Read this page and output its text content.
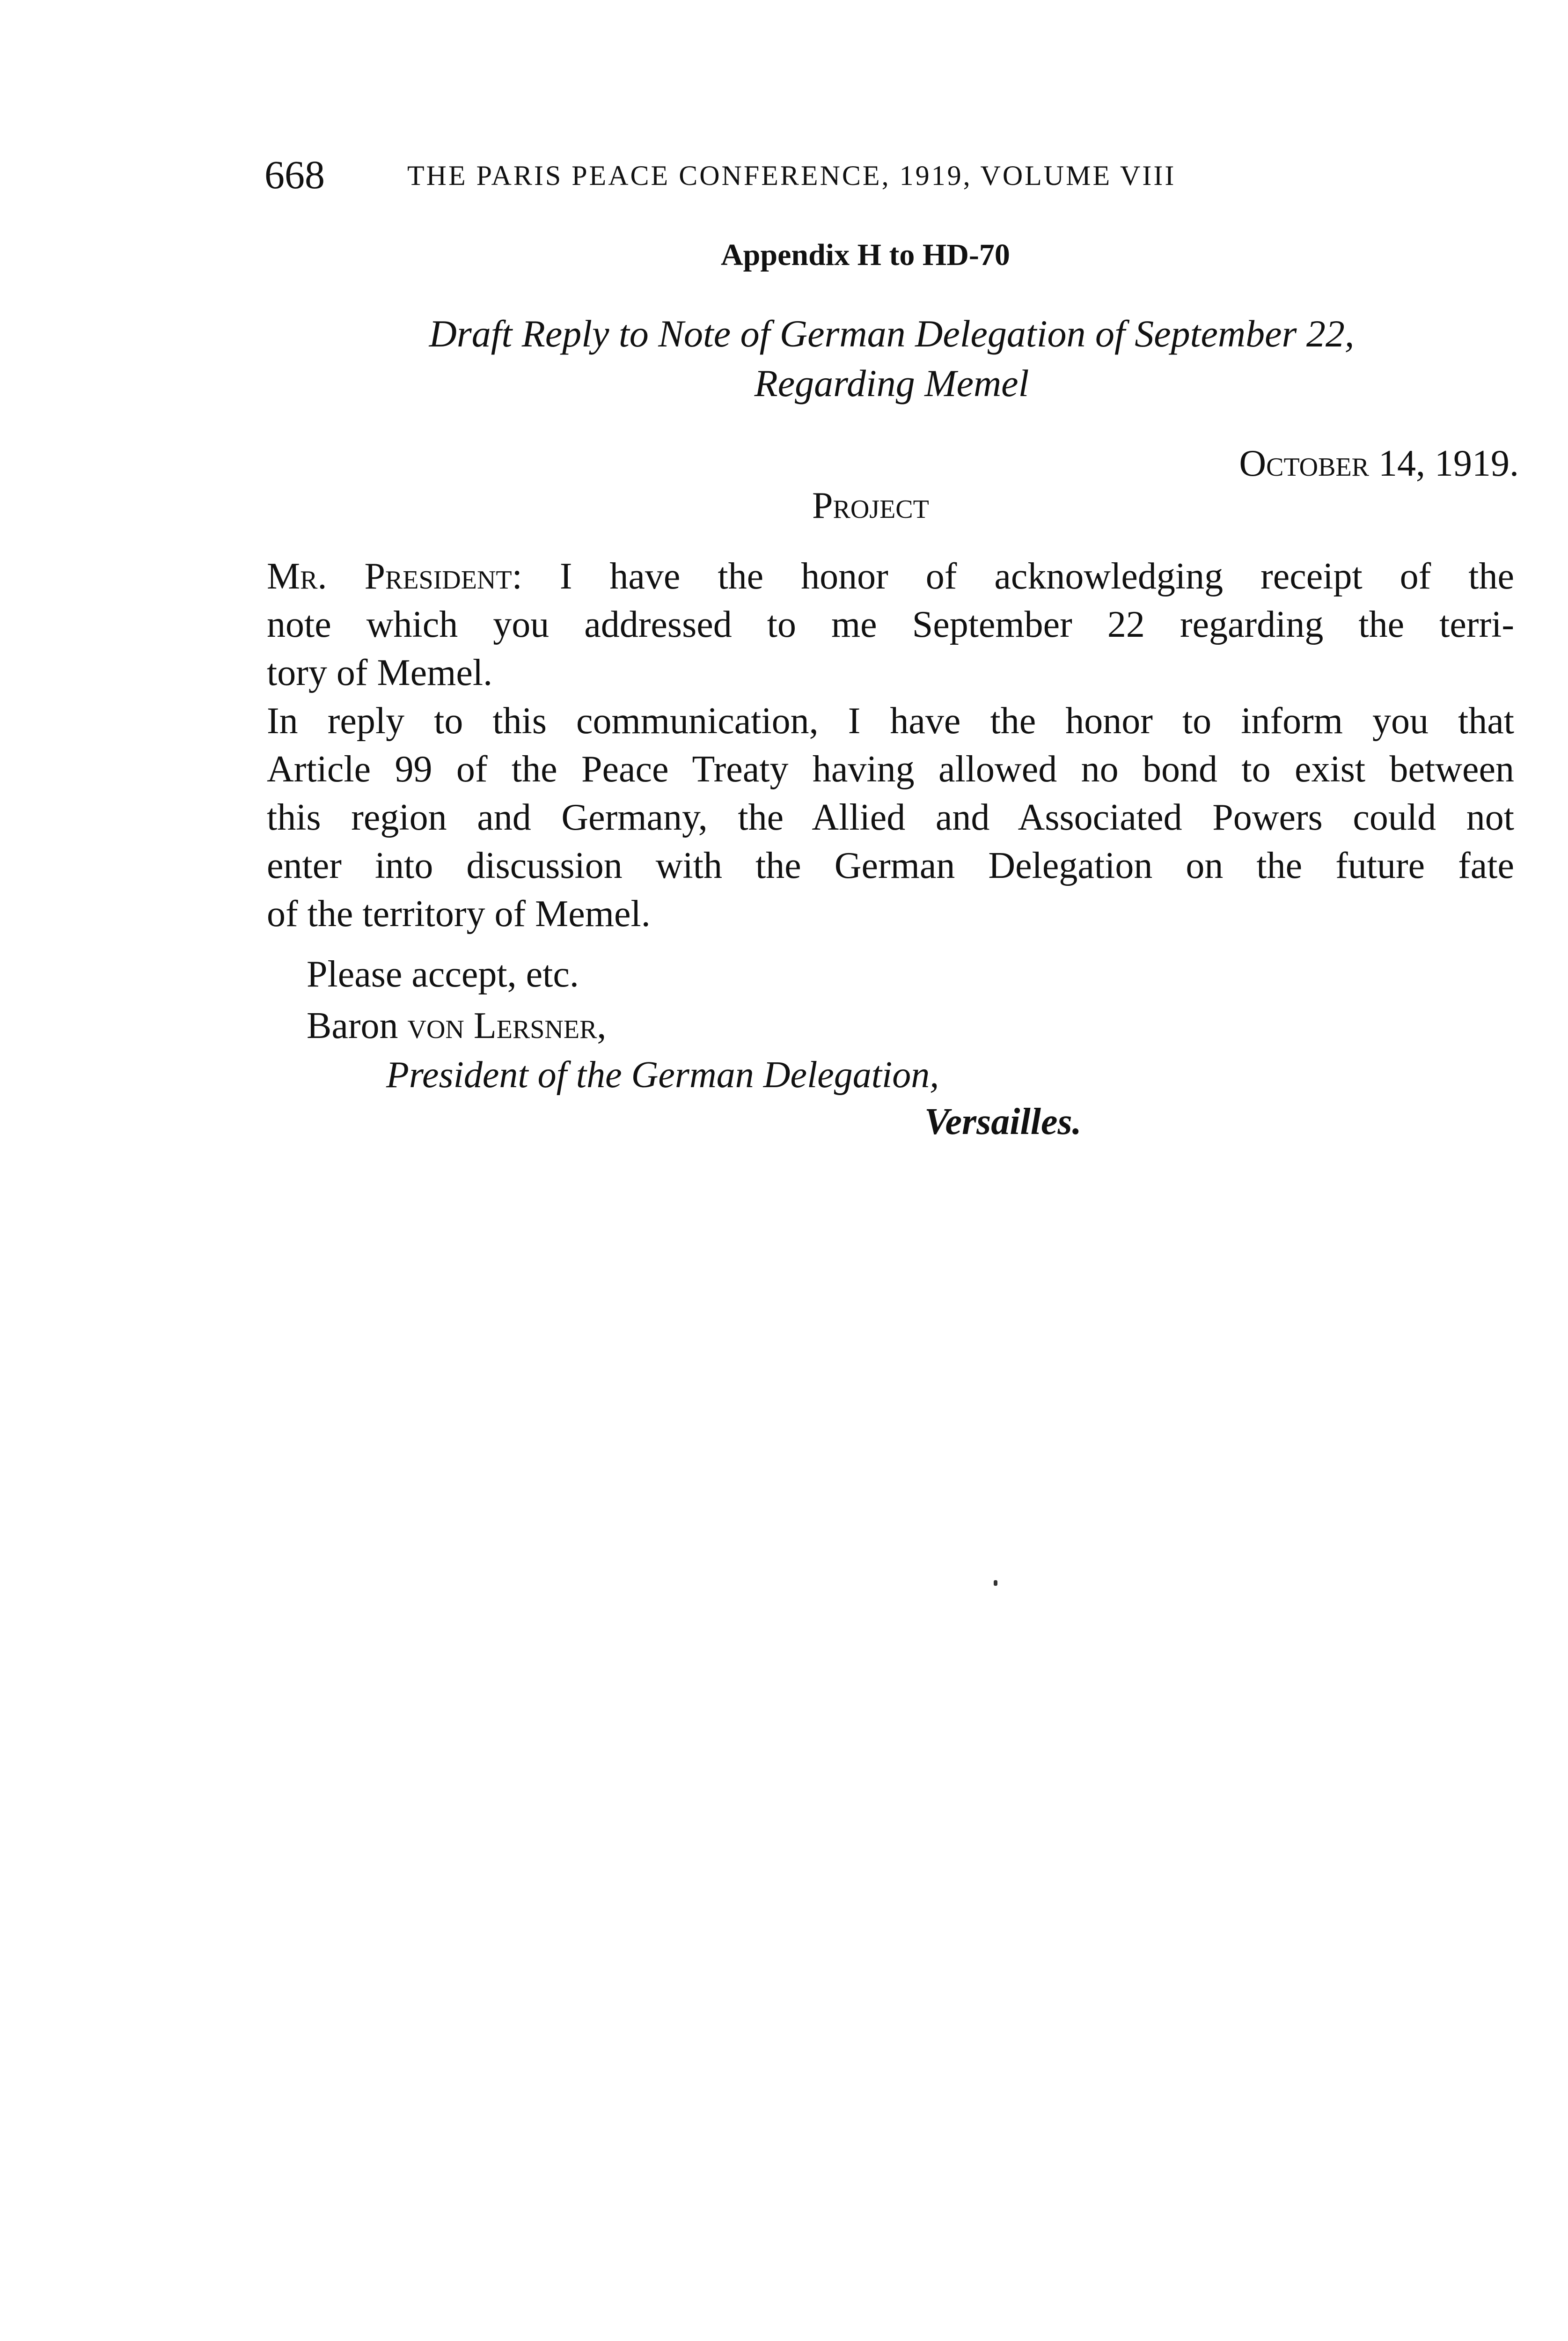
668	THE PARIS PEACE CONFERENCE, 1919, VOLUME VIII
Appendix H to HD-70
Draft Reply to Note of German Delegation of September 22,
Regarding Memel
October 14, 1919.
Project
Mr. President: I have the honor of acknowledging receipt of the
note which you addressed to me September 22 regarding the terri-
tory of Memel.
In reply to this communication, I have the honor to inform you that
Article 99 of the Peace Treaty having allowed no bond to exist between
this region and Germany, the Allied and Associated Powers could not
enter into discussion with the German Delegation on the future fate
of the territory of Memel.
Please accept, etc.
Baron von Lersner,
President of the German Delegation,
Versailles.
